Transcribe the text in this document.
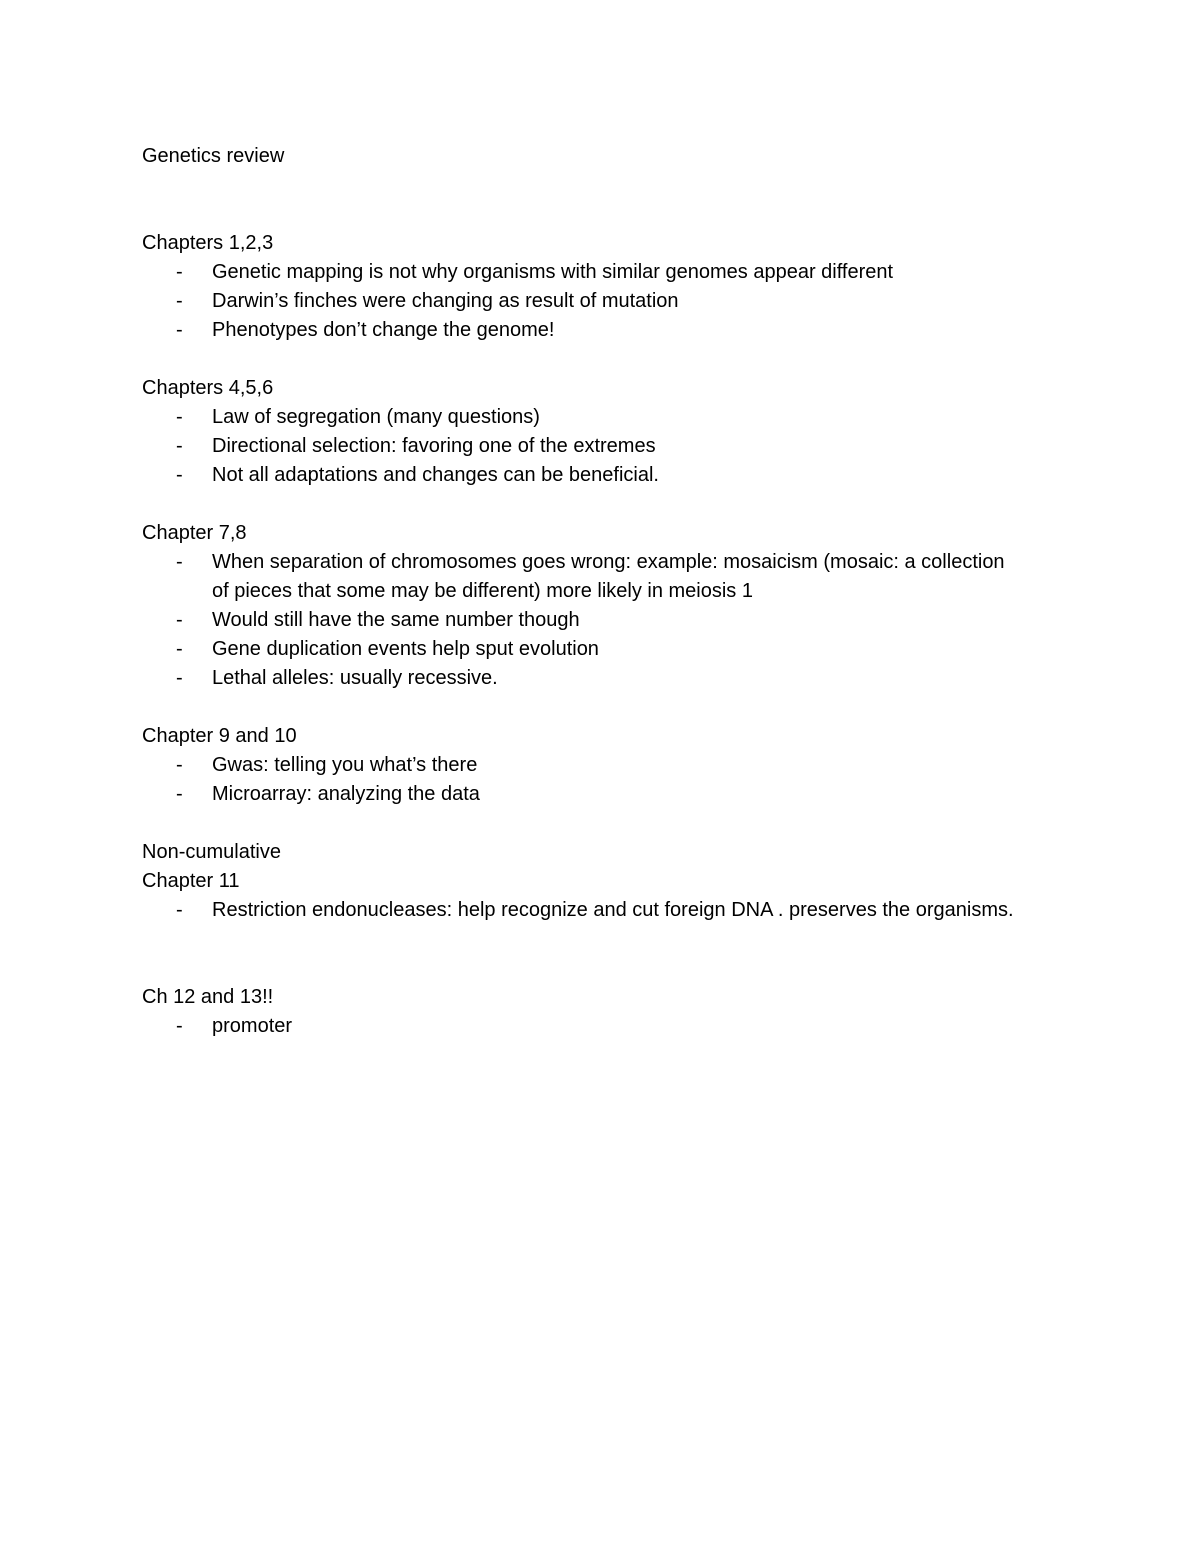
Genetics review

Chapters 1,2,3

- Genetic mapping is not why organisms with similar genomes appear different
- Darwin’s finches were changing as result of mutation
- Phenotypes don’t change the genome!

Chapters 4,5,6

- Law of segregation (many questions)
- Directional selection: favoring one of the extremes
- Not all adaptations and changes can be beneficial.

Chapter 7,8

- When separation of chromosomes goes wrong: example: mosaicism (mosaic: a collection of pieces that some may be different) more likely in meiosis 1
- Would still have the same number though
- Gene duplication events help sput evolution
- Lethal alleles: usually recessive.

Chapter 9 and 10

- Gwas: telling you what’s there
- Microarray: analyzing the data

Non-cumulative

Chapter 11

- Restriction endonucleases: help recognize and cut foreign DNA . preserves the organisms.

Ch 12 and 13!!

- promoter
